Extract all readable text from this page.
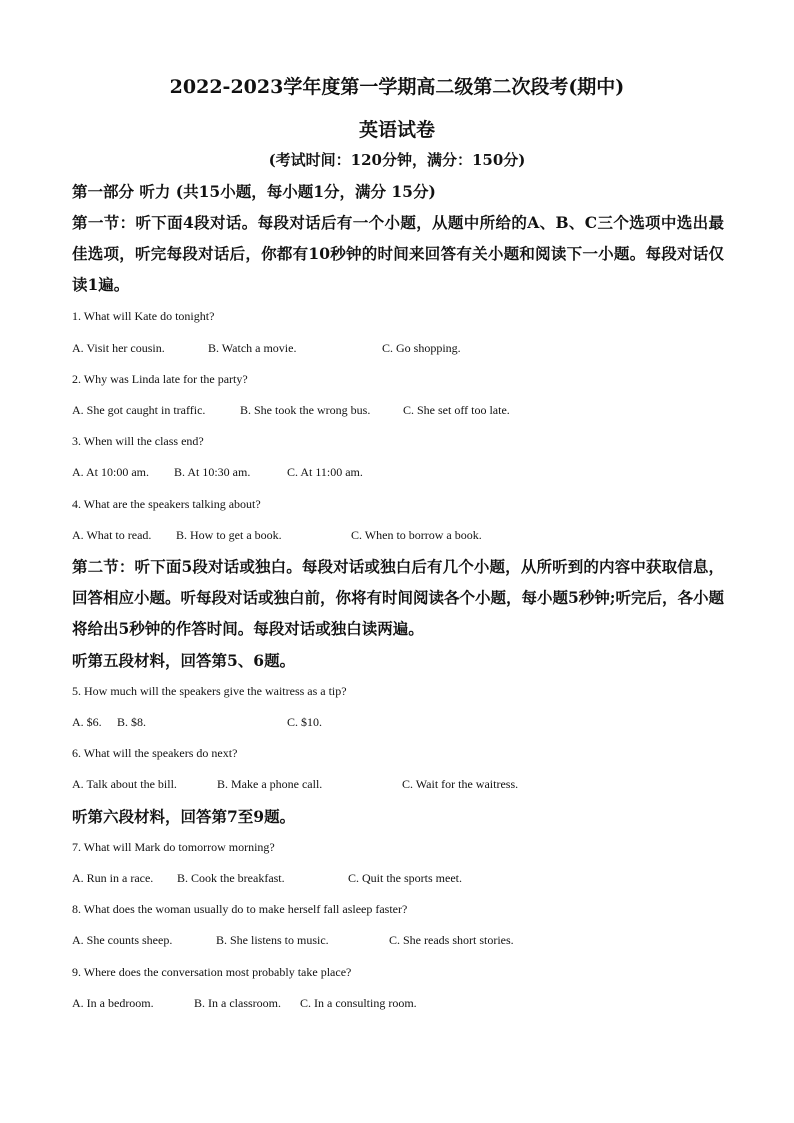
2022-2023学年度第一学期高二级第二次段考(期中)
英语试卷
(考试时间：120分钟，满分：150分)
第一部分 听力 (共15小题，每小题1分，满分 15分)
第一节：听下面4段对话。每段对话后有一个小题，从题中所给的A、B、C三个选项中选出最佳选项，听完每段对话后，你都有10秒钟的时间来回答有关小题和阅读下一小题。每段对话仅读1遍。
1. What will Kate do tonight?
A. Visit her cousin.	B. Watch a movie.	C. Go shopping.
2. Why was Linda late for the party?
A. She got caught in traffic.	B. She took the wrong bus.	C. She set off too late.
3. When will the class end?
A. At 10:00 am. B. At 10:30 am.	C. At 11:00 am.
4. What are the speakers talking about?
A. What to read. B. How to get a book.	C. When to borrow a book.
第二节：听下面5段对话或独白。每段对话或独白后有几个小题，从所听到的内容中获取信息，回答相应小题。听每段对话或独白前，你将有时间阅读各个小题，每小题5秒钟;听完后，各小题将给出5秒钟的作答时间。每段对话或独白读两遍。
听第五段材料，回答第5、6题。
5. How much will the speakers give the waitress as a tip?
A. $6. B. $8.	C. $10.
6. What will the speakers do next?
A. Talk about the bill.	B. Make a phone call.	C. Wait for the waitress.
听第六段材料，回答第7至9题。
7. What will Mark do tomorrow morning?
A. Run in a race. B. Cook the breakfast.	C. Quit the sports meet.
8. What does the woman usually do to make herself fall asleep faster?
A. She counts sheep.	B. She listens to music.	C. She reads short stories.
9. Where does the conversation most probably take place?
A. In a bedroom.	B. In a classroom. C. In a consulting room.
